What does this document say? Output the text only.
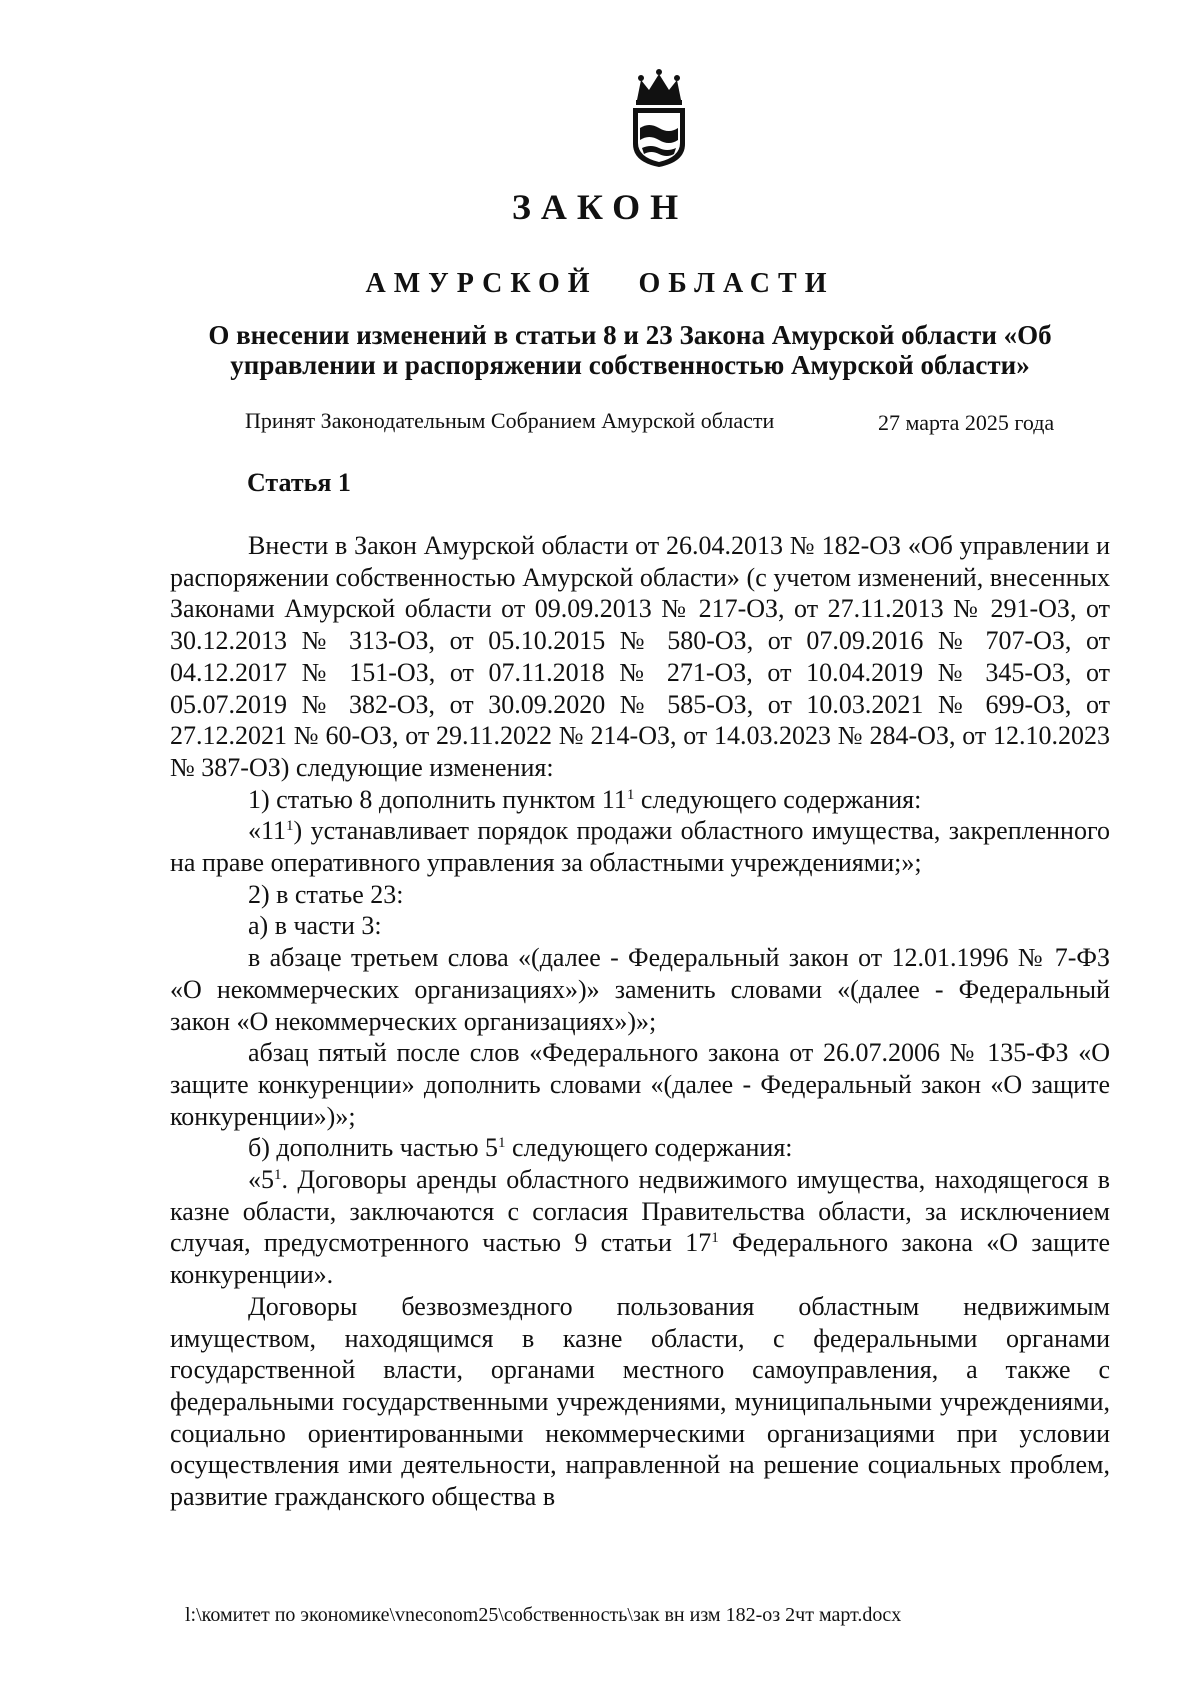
ЗАКОН
АМУРСКОЙ ОБЛАСТИ
О внесении изменений в статьи 8 и 23 Закона Амурской области «Об управлении и распоряжении собственностью Амурской области»
Принят Законодательным Собранием Амурской области	27 марта 2025 года
Статья 1

Внести в Закон Амурской области от 26.04.2013 № 182-ОЗ «Об управлении и распоряжении собственностью Амурской области» (с учетом изменений, внесенных Законами Амурской области от 09.09.2013 № 217-ОЗ, от 27.11.2013 № 291-ОЗ, от 30.12.2013 № 313-ОЗ, от 05.10.2015 № 580-ОЗ, от 07.09.2016 № 707-ОЗ, от 04.12.2017 № 151-ОЗ, от 07.11.2018 № 271-ОЗ, от 10.04.2019 № 345-ОЗ, от 05.07.2019 № 382-ОЗ, от 30.09.2020 № 585-ОЗ, от 10.03.2021 № 699-ОЗ, от 27.12.2021 № 60-ОЗ, от 29.11.2022 № 214-ОЗ, от 14.03.2023 № 284-ОЗ, от 12.10.2023 № 387-ОЗ) следующие изменения:

1) статью 8 дополнить пунктом $11^1$ следующего содержания:

«$11^1$) устанавливает порядок продажи областного имущества, закрепленного на праве оперативного управления за областными учреждениями;»;

2) в статье 23:

а) в части 3:

в абзаце третьем слова «(далее - Федеральный закон от 12.01.1996 № 7-ФЗ «О некоммерческих организациях»)» заменить словами «(далее - Федеральный закон «О некоммерческих организациях»)»;

абзац пятый после слов «Федерального закона от 26.07.2006 № 135-ФЗ «О защите конкуренции» дополнить словами «(далее - Федеральный закон «О защите конкуренции»)»;

б) дополнить частью $5^1$ следующего содержания:

«$5^1$. Договоры аренды областного недвижимого имущества, находящегося в казне области, заключаются с согласия Правительства области, за исключением случая, предусмотренного частью 9 статьи $17^1$ Федерального закона «О защите конкуренции».

Договоры безвозмездного пользования областным недвижимым имуществом, находящимся в казне области, с федеральными органами государственной власти, органами местного самоуправления, а также с федеральными государственными учреждениями, муниципальными учреждениями, социально ориентированными некоммерческими организациями при условии осуществления ими деятельности, направленной на решение социальных проблем, развитие гражданского общества в

l:\комитет по экономике\vneconom25\собственность\зак вн изм 182-оз 2чт март.docx
